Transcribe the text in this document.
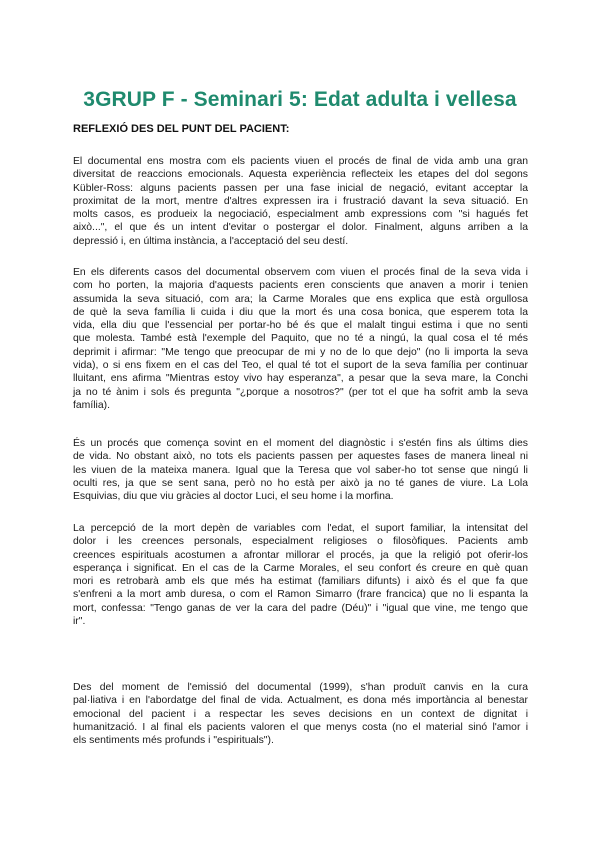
3GRUP F - Seminari 5: Edat adulta i vellesa
REFLEXIÓ DES DEL PUNT DEL PACIENT:
El documental ens mostra com els pacients viuen el procés de final de vida amb una gran
diversitat de reaccions emocionals. Aquesta experiència reflecteix les etapes del dol segons
Kübler-Ross: alguns pacients passen per una fase inicial de negació, evitant acceptar la
proximitat de la mort, mentre d'altres expressen ira i frustració davant la seva situació. En
molts casos, es produeix la negociació, especialment amb expressions com "si hagués fet
això...", el que és un intent d'evitar o postergar el dolor. Finalment, alguns arriben a la
depressió i, en última instància, a l'acceptació del seu destí.
En els diferents casos del documental observem com viuen el procés final de la seva vida i
com ho porten, la majoria d'aquests pacients eren conscients que anaven a morir i tenien
assumida la seva situació, com ara; la Carme Morales que ens explica que està orgullosa
de què la seva família li cuida i diu que la mort és una cosa bonica, que esperem tota la
vida, ella diu que l'essencial per portar-ho bé és que el malalt tingui estima i que no senti
que molesta. També està l'exemple del Paquito, que no té a ningú, la qual cosa el té més
deprimit i afirmar: "Me tengo que preocupar de mi y no de lo que dejo" (no li importa la seva
vida), o si ens fixem en el cas del Teo, el qual té tot el suport de la seva família per continuar
lluitant, ens afirma "Mientras estoy vivo hay esperanza", a pesar que la seva mare, la Conchi
ja no té ànim i sols és pregunta "¿porque a nosotros?" (per tot el que ha sofrit amb la seva
família).
És un procés que comença sovint en el moment del diagnòstic i s'estén fins als últims dies
de vida. No obstant això, no tots els pacients passen per aquestes fases de manera lineal ni
les viuen de la mateixa manera. Igual que la Teresa que vol saber-ho tot sense que ningú li
oculti res, ja que se sent sana, però no ho està per això ja no té ganes de viure. La Lola
Esquivias, diu que viu gràcies al doctor Luci, el seu home i la morfina.
La percepció de la mort depèn de variables com l'edat, el suport familiar, la intensitat del
dolor i les creences personals, especialment religioses o filosòfiques. Pacients amb
creences espirituals acostumen a afrontar millorar el procés, ja que la religió pot oferir-los
esperança i significat. En el cas de la Carme Morales, el seu confort és creure en què quan
mori es retrobarà amb els que més ha estimat (familiars difunts) i això és el que fa que
s'enfreni a la mort amb duresa, o com el Ramon Simarro (frare francica) que no li espanta la
mort, confessa: "Tengo ganas de ver la cara del padre (Déu)" i "igual que vine, me tengo que
ir".
Des del moment de l'emissió del documental (1999), s'han produït canvis en la cura
pal·liativa i en l'abordatge del final de vida. Actualment, es dona més importància al benestar
emocional del pacient i a respectar les seves decisions en un context de dignitat i
humanització. I al final els pacients valoren el que menys costa (no el material sinó l'amor i
els sentiments més profunds i "espirituals").
